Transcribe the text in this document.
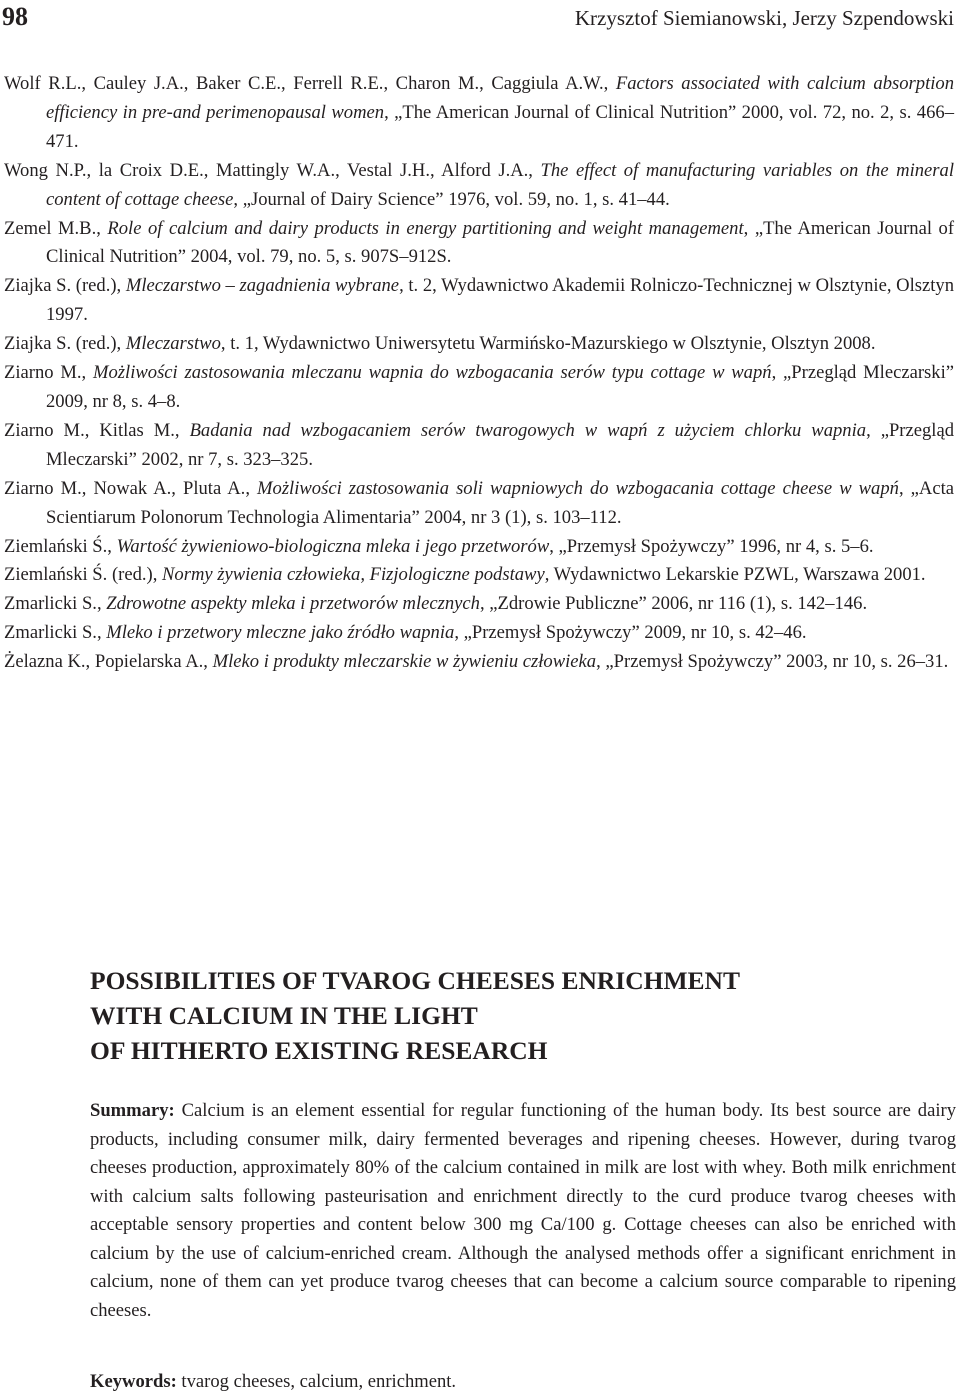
98	Krzysztof Siemianowski, Jerzy Szpendowski

Wolf R.L., Cauley J.A., Baker C.E., Ferrell R.E., Charon M., Caggiula A.W., Factors associated with calcium absorption efficiency in pre-and perimenopausal women, „The American Journal of Clinical Nutrition” 2000, vol. 72, no. 2, s. 466–471.

Wong N.P., la Croix D.E., Mattingly W.A., Vestal J.H., Alford J.A., The effect of manufacturing variables on the mineral content of cottage cheese, „Journal of Dairy Science” 1976, vol. 59, no. 1, s. 41–44.

Zemel M.B., Role of calcium and dairy products in energy partitioning and weight management, „The American Journal of Clinical Nutrition” 2004, vol. 79, no. 5, s. 907S–912S.

Ziajka S. (red.), Mleczarstwo – zagadnienia wybrane, t. 2, Wydawnictwo Akademii Rolniczo-Technicznej w Olsztynie, Olsztyn 1997.

Ziajka S. (red.), Mleczarstwo, t. 1, Wydawnictwo Uniwersytetu Warmińsko-Mazurskiego w Olsztynie, Olsztyn 2008.

Ziarno M., Możliwości zastosowania mleczanu wapnia do wzbogacania serów typu cottage w wapń, „Przegląd Mleczarski” 2009, nr 8, s. 4–8.

Ziarno M., Kitlas M., Badania nad wzbogacaniem serów twarogowych w wapń z użyciem chlorku wapnia, „Przegląd Mleczarski” 2002, nr 7, s. 323–325.

Ziarno M., Nowak A., Pluta A., Możliwości zastosowania soli wapniowych do wzbogacania cottage cheese w wapń, „Acta Scientiarum Polonorum Technologia Alimentaria” 2004, nr 3 (1), s. 103–112.

Ziemlański Ś., Wartość żywieniowo-biologiczna mleka i jego przetworów, „Przemysł Spożywczy” 1996, nr 4, s. 5–6.

Ziemlański Ś. (red.), Normy żywienia człowieka, Fizjologiczne podstawy, Wydawnictwo Lekarskie PZWL, Warszawa 2001.

Zmarlicki S., Zdrowotne aspekty mleka i przetworów mlecznych, „Zdrowie Publiczne” 2006, nr 116 (1), s. 142–146.

Zmarlicki S., Mleko i przetwory mleczne jako źródło wapnia, „Przemysł Spożywczy” 2009, nr 10, s. 42–46.

Żelazna K., Popielarska A., Mleko i produkty mleczarskie w żywieniu człowieka, „Przemysł Spożywczy” 2003, nr 10, s. 26–31.

POSSIBILITIES OF TVAROG CHEESES ENRICHMENT
WITH CALCIUM IN THE LIGHT
OF HITHERTO EXISTING RESEARCH

Summary: Calcium is an element essential for regular functioning of the human body. Its best source are dairy products, including consumer milk, dairy fermented beverages and ripening cheeses. However, during tvarog cheeses production, approximately 80% of the calcium contained in milk are lost with whey. Both milk enrichment with calcium salts following pasteurisation and enrichment directly to the curd produce tvarog cheeses with acceptable sensory properties and content below 300 mg Ca/100 g. Cottage cheeses can also be enriched with calcium by the use of calcium-enriched cream. Although the analysed methods offer a significant enrichment in calcium, none of them can yet produce tvarog cheeses that can become a calcium source comparable to ripening cheeses.

Keywords: tvarog cheeses, calcium, enrichment.
